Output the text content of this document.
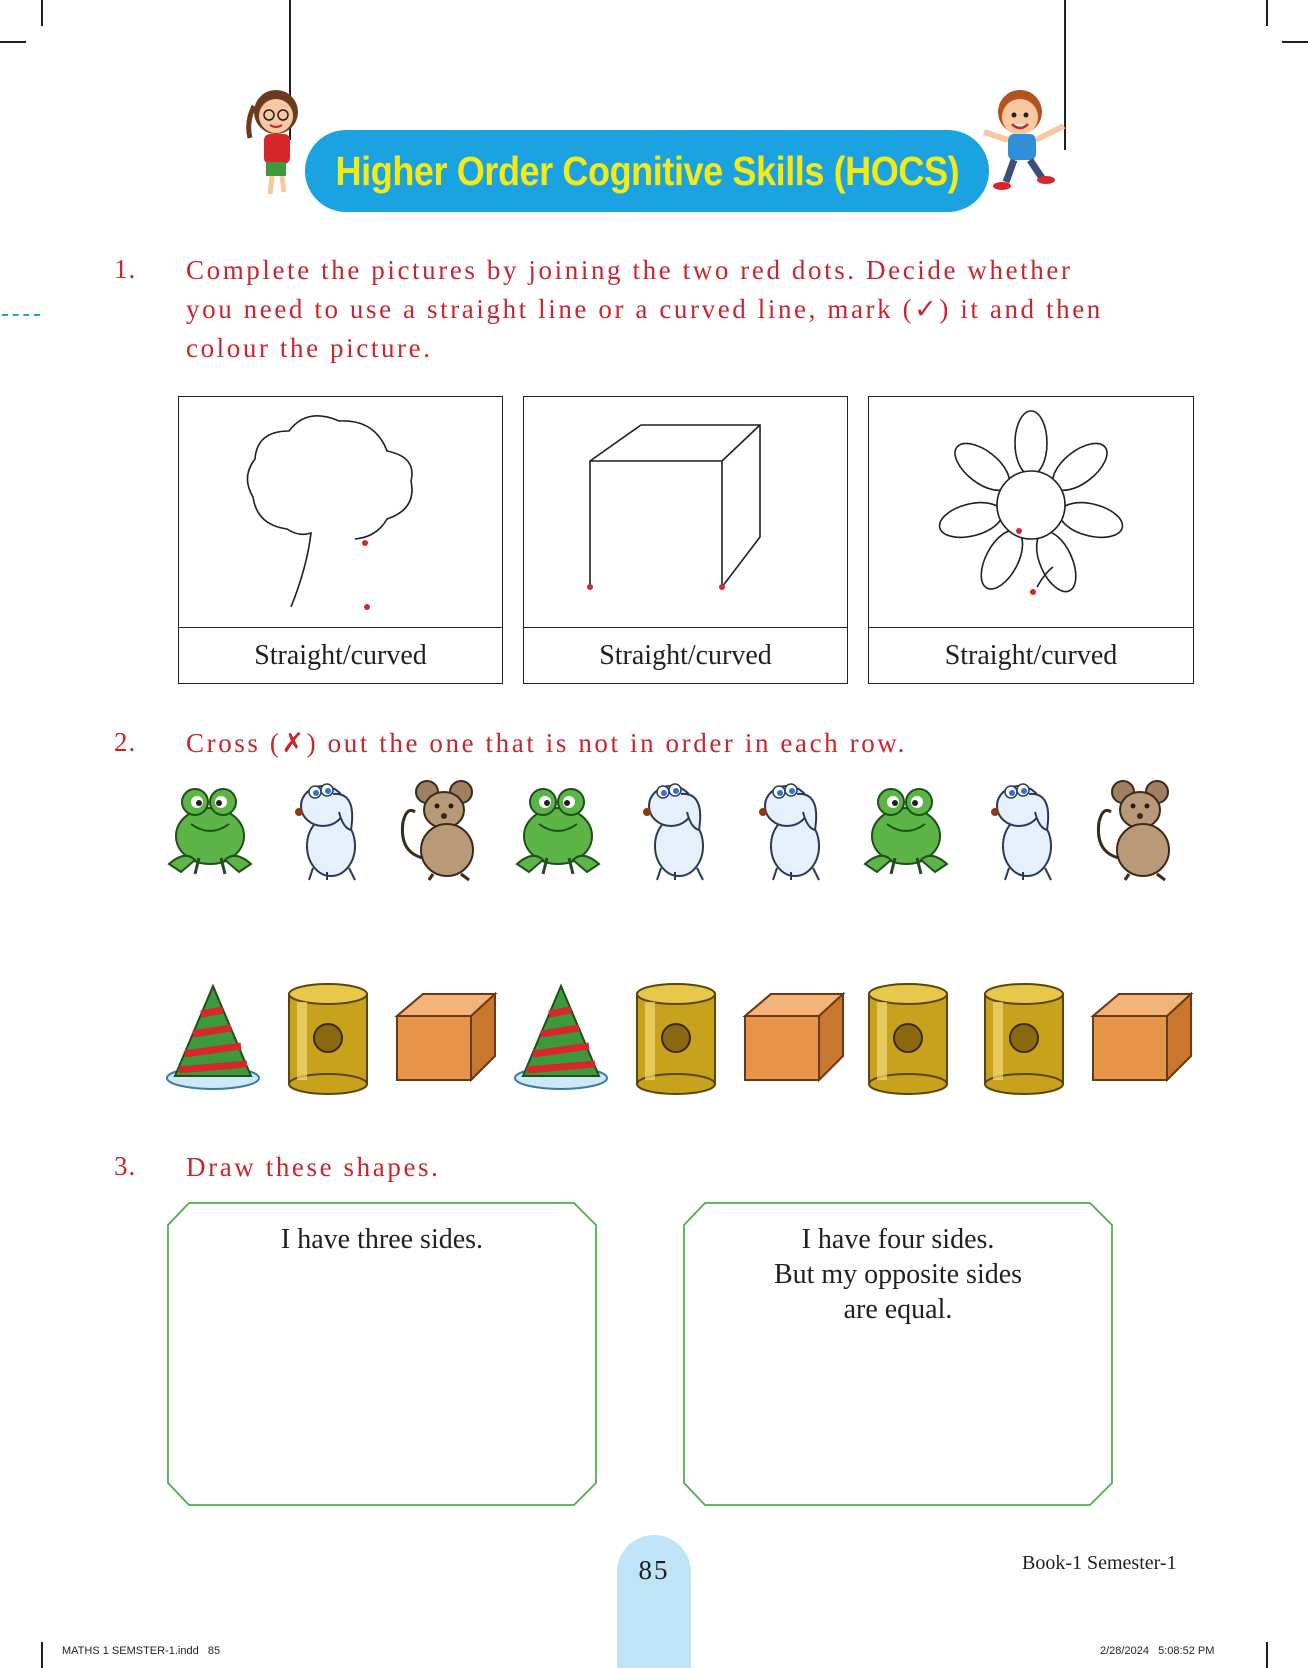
Higher Order Cognitive Skills (HOCS)
1. Complete the pictures by joining the two red dots. Decide whether
you need to use a straight line or a curved line, mark (✓) it and then
colour the picture.
Straight/curved	Straight/curved	Straight/curved
2. Cross (✗) out the one that is not in order in each row.
3. Draw these shapes.
I have three sides.	I have four sides.
But my opposite sides
are equal.
85	Book-1 Semester-1
MATHS 1 SEMSTER-1.indd   85	2/28/2024   5:08:52 PM
